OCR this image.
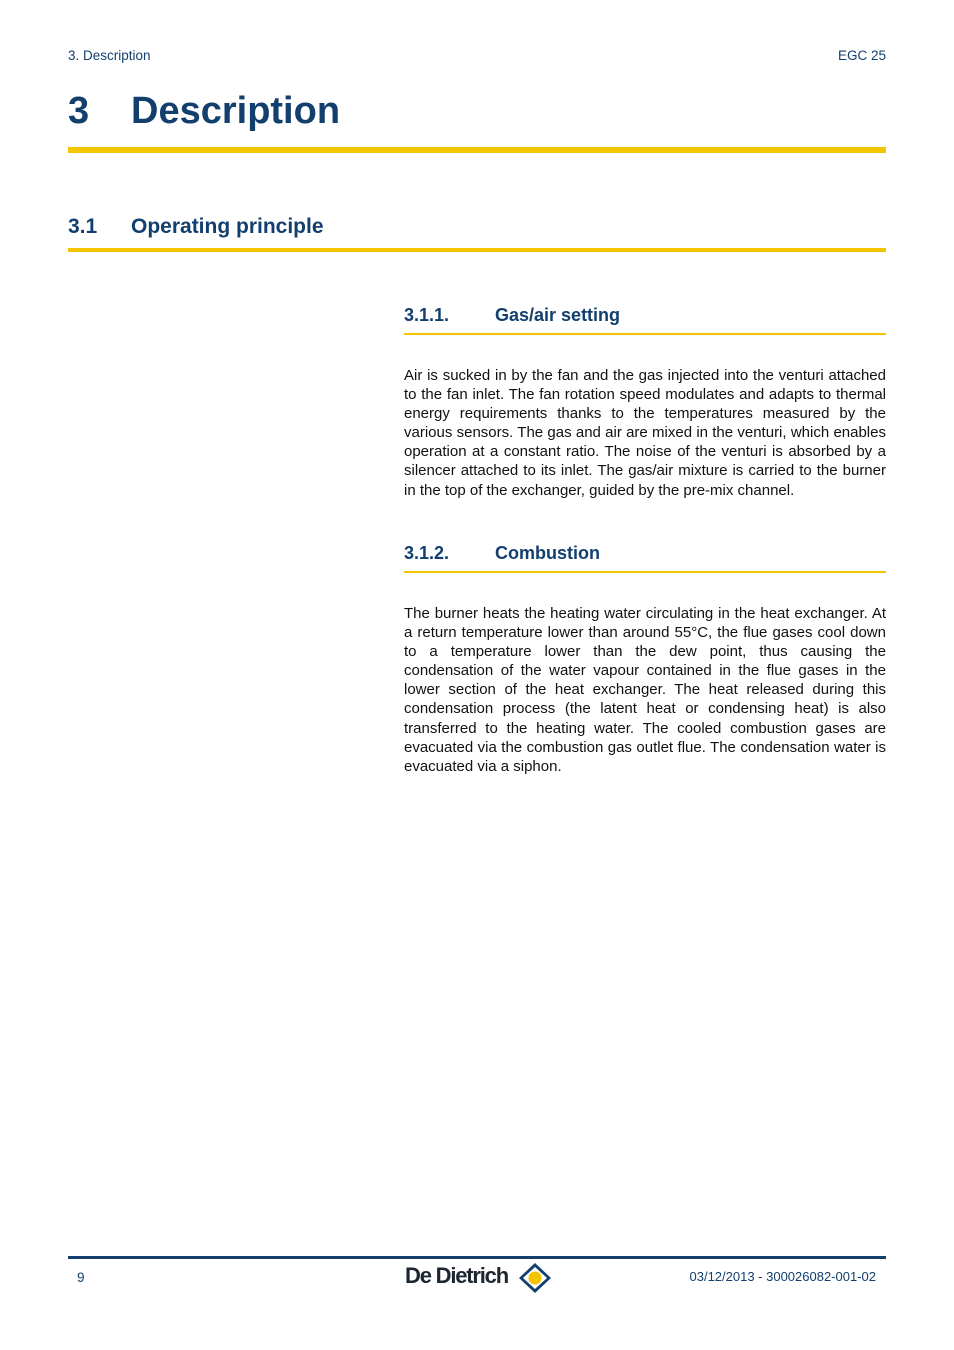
3. Description	EGC 25
3 Description
3.1 Operating principle
3.1.1.	Gas/air setting
Air is sucked in by the fan and the gas injected into the venturi attached to the fan inlet. The fan rotation speed modulates and adapts to thermal energy requirements thanks to the temperatures measured by the various sensors. The gas and air are mixed in the venturi, which enables operation at a constant ratio. The noise of the venturi is absorbed by a silencer attached to its inlet. The gas/air mixture is carried to the burner in the top of the exchanger, guided by the pre-mix channel.
3.1.2.	Combustion
The burner heats the heating water circulating in the heat exchanger. At a return temperature lower than around 55°C, the flue gases cool down to a temperature lower than the dew point, thus causing the condensation of the water vapour contained in the flue gases in the lower section of the heat exchanger. The heat released during this condensation process (the latent heat or condensing heat) is also transferred to the heating water. The cooled combustion gases are evacuated via the combustion gas outlet flue. The condensation water is evacuated via a siphon.
9	De Dietrich	03/12/2013 - 300026082-001-02
